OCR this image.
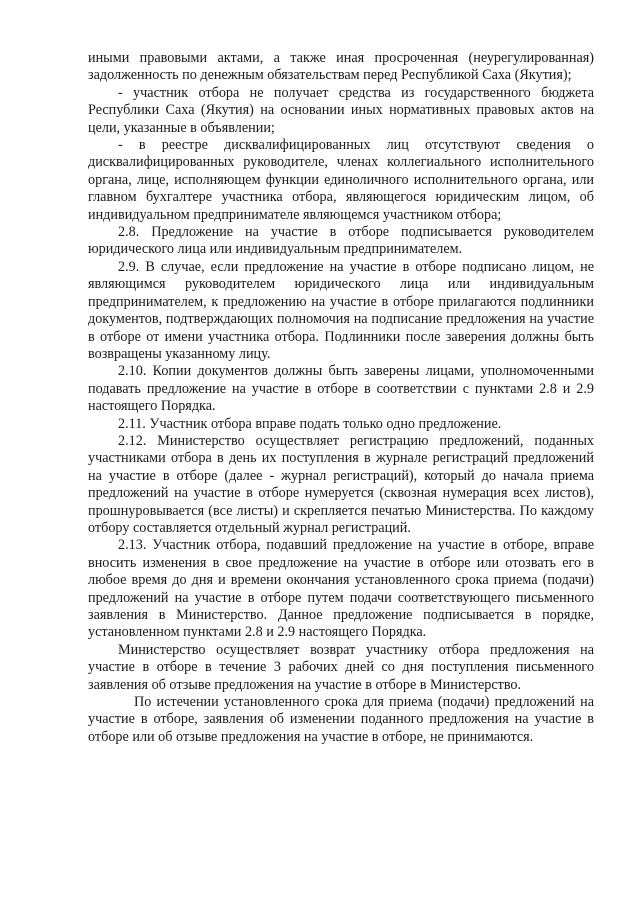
иными правовыми актами, а также иная просроченная (неурегулированная) задолженность по денежным обязательствам перед Республикой Саха (Якутия);

- участник отбора не получает средства из государственного бюджета Республики Саха (Якутия) на основании иных нормативных правовых актов на цели, указанные в объявлении;

- в реестре дисквалифицированных лиц отсутствуют сведения о дисквалифицированных руководителе, членах коллегиального исполнительного органа, лице, исполняющем функции единоличного исполнительного органа, или главном бухгалтере участника отбора, являющегося юридическим лицом, об индивидуальном предпринимателе являющемся участником отбора;

2.8. Предложение на участие в отборе подписывается руководителем юридического лица или индивидуальным предпринимателем.

2.9. В случае, если предложение на участие в отборе подписано лицом, не являющимся руководителем юридического лица или индивидуальным предпринимателем, к предложению на участие в отборе прилагаются подлинники документов, подтверждающих полномочия на подписание предложения на участие в отборе от имени участника отбора. Подлинники после заверения должны быть возвращены указанному лицу.

2.10. Копии документов должны быть заверены лицами, уполномоченными подавать предложение на участие в отборе в соответствии с пунктами 2.8 и 2.9 настоящего Порядка.

2.11. Участник отбора вправе подать только одно предложение.

2.12. Министерство осуществляет регистрацию предложений, поданных участниками отбора в день их поступления в журнале регистраций предложений на участие в отборе (далее - журнал регистраций), который до начала приема предложений на участие в отборе нумеруется (сквозная нумерация всех листов), прошнуровывается (все листы) и скрепляется печатью Министерства. По каждому отбору составляется отдельный журнал регистраций.

2.13. Участник отбора, подавший предложение на участие в отборе, вправе вносить изменения в свое предложение на участие в отборе или отозвать его в любое время до дня и времени окончания установленного срока приема (подачи) предложений на участие в отборе путем подачи соответствующего письменного заявления в Министерство. Данное предложение подписывается в порядке, установленном пунктами 2.8 и 2.9 настоящего Порядка.

Министерство осуществляет возврат участнику отбора предложения на участие в отборе в течение 3 рабочих дней со дня поступления письменного заявления об отзыве предложения на участие в отборе в Министерство.

По истечении установленного срока для приема (подачи) предложений на участие в отборе, заявления об изменении поданного предложения на участие в отборе или об отзыве предложения на участие в отборе, не принимаются.
